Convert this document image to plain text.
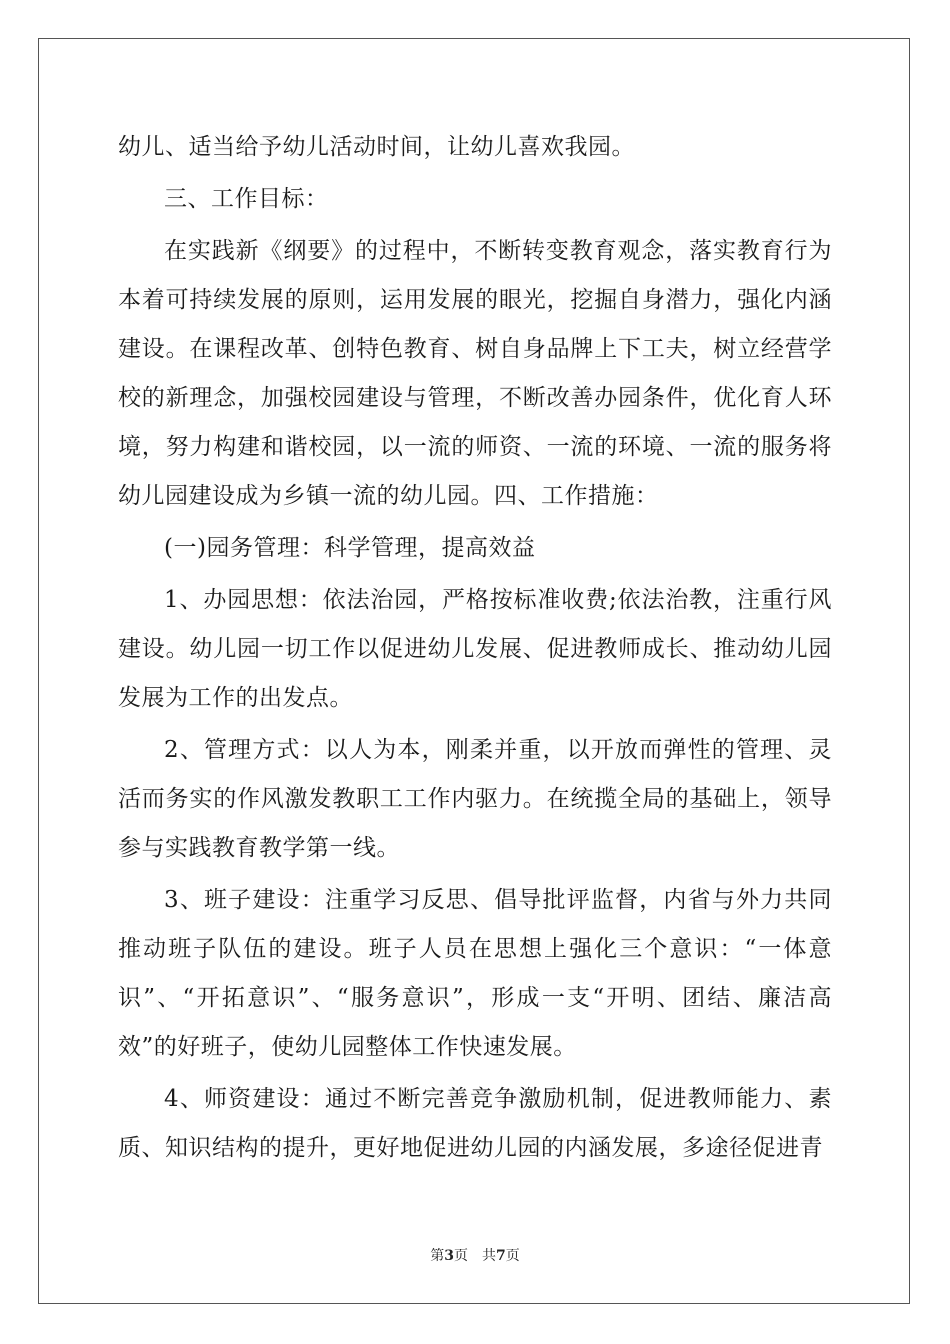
幼儿、适当给予幼儿活动时间，让幼儿喜欢我园。

三、工作目标：

在实践新《纲要》的过程中，不断转变教育观念，落实教育行为本着可持续发展的原则，运用发展的眼光，挖掘自身潜力，强化内涵建设。在课程改革、创特色教育、树自身品牌上下工夫，树立经营学校的新理念，加强校园建设与管理，不断改善办园条件，优化育人环境，努力构建和谐校园，以一流的师资、一流的环境、一流的服务将幼儿园建设成为乡镇一流的幼儿园。四、工作措施：

(一)园务管理：科学管理，提高效益

1、办园思想：依法治园，严格按标准收费;依法治教，注重行风建设。幼儿园一切工作以促进幼儿发展、促进教师成长、推动幼儿园发展为工作的出发点。

2、管理方式：以人为本，刚柔并重，以开放而弹性的管理、灵活而务实的作风激发教职工工作内驱力。在统揽全局的基础上，领导参与实践教育教学第一线。

3、班子建设：注重学习反思、倡导批评监督，内省与外力共同推动班子队伍的建设。班子人员在思想上强化三个意识：“一体意识”、“开拓意识”、“服务意识”，形成一支“开明、团结、廉洁高效”的好班子，使幼儿园整体工作快速发展。

4、师资建设：通过不断完善竞争激励机制，促进教师能力、素质、知识结构的提升，更好地促进幼儿园的内涵发展，多途径促进青

第3页　共7页
